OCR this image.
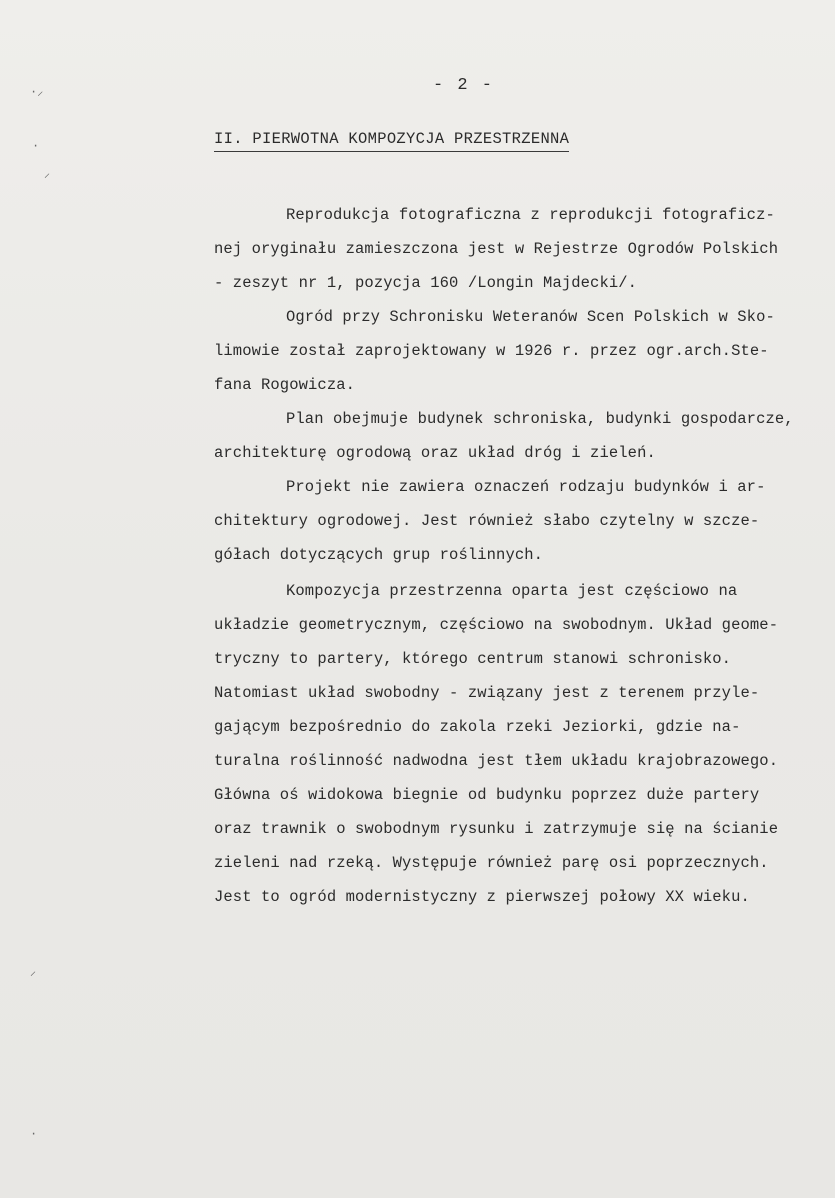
·⸝
·
⸝
⸝
·
- 2 -
II. PIERWOTNA KOMPOZYCJA PRZESTRZENNA
Reprodukcja fotograficzna z reprodukcji fotograficz-
nej oryginału zamieszczona jest w Rejestrze Ogrodów Polskich
- zeszyt nr 1, pozycja 160 /Longin Majdecki/.
Ogród przy Schronisku Weteranów Scen Polskich w Sko-
limowie został zaprojektowany w 1926 r. przez ogr.arch.Ste-
fana Rogowicza.
Plan obejmuje budynek schroniska, budynki gospodarcze,
architekturę ogrodową oraz układ dróg i zieleń.
Projekt nie zawiera oznaczeń rodzaju budynków i ar-
chitektury ogrodowej. Jest również słabo czytelny w szcze-
gółach dotyczących grup roślinnych.
Kompozycja przestrzenna oparta jest częściowo na
układzie geometrycznym, częściowo na swobodnym. Układ geome-
tryczny to partery, którego centrum stanowi schronisko.
Natomiast układ swobodny - związany jest z terenem przyle-
gającym bezpośrednio do zakola rzeki Jeziorki, gdzie na-
turalna roślinność nadwodna jest tłem układu krajobrazowego.
Główna oś widokowa biegnie od budynku poprzez duże partery
oraz trawnik o swobodnym rysunku i zatrzymuje się na ścianie
zieleni nad rzeką. Występuje również parę osi poprzecznych.
Jest to ogród modernistyczny z pierwszej połowy XX wieku.
